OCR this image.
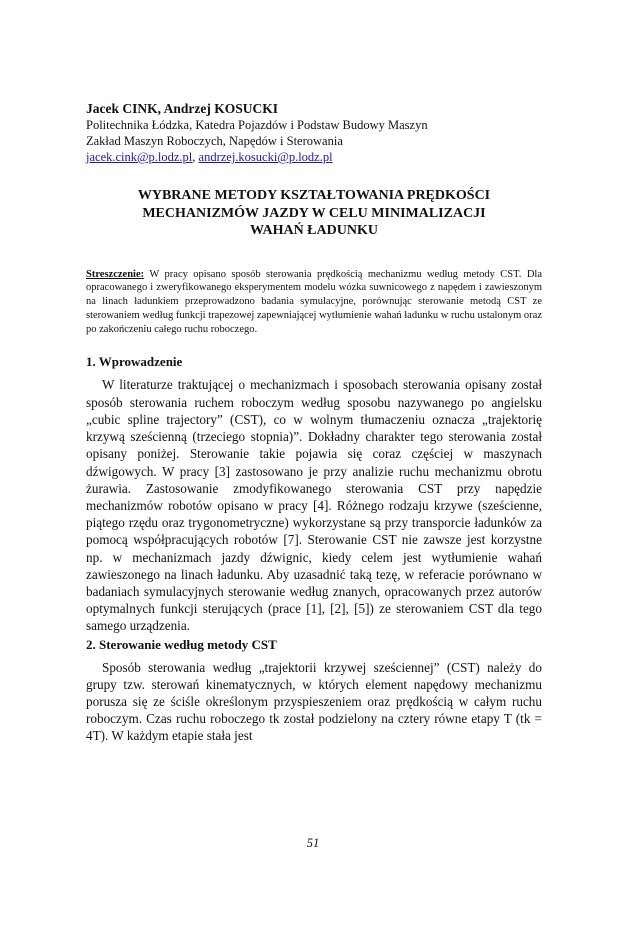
Jacek CINK, Andrzej KOSUCKI

Politechnika Łódzka, Katedra Pojazdów i Podstaw Budowy Maszyn

Zakład Maszyn Roboczych, Napędów i Sterowania

jacek.cink@p.lodz.pl, andrzej.kosucki@p.lodz.pl

WYBRANE METODY KSZTAŁTOWANIA PRĘDKOŚCI
MECHANIZMÓW JAZDY W CELU MINIMALIZACJI
WAHAŃ ŁADUNKU

Streszczenie: W pracy opisano sposób sterowania prędkością mechanizmu według metody CST. Dla opracowanego i zweryfikowanego eksperymentem modelu wózka suwnicowego z napędem i zawieszonym na linach ładunkiem przeprowadzono badania symulacyjne, porównując sterowanie metodą CST ze sterowaniem według funkcji trapezowej zapewniającej wytłumienie wahań ładunku w ruchu ustalonym oraz po zakończeniu całego ruchu roboczego.

1. Wprowadzenie

W literaturze traktującej o mechanizmach i sposobach sterowania opisany został sposób sterowania ruchem roboczym według sposobu nazywanego po angielsku „cubic spline trajectory” (CST), co w wolnym tłumaczeniu oznacza „trajektorię krzywą sześcienną (trzeciego stopnia)”. Dokładny charakter tego sterowania został opisany poniżej. Sterowanie takie pojawia się coraz częściej w maszynach dźwigowych. W pracy [3] zastosowano je przy analizie ruchu mechanizmu obrotu żurawia. Zastosowanie zmodyfikowanego sterowania CST przy napędzie mechanizmów robotów opisano w pracy [4]. Różnego rodzaju krzywe (sześcienne, piątego rzędu oraz trygonometryczne) wykorzystane są przy transporcie ładunków za pomocą współpracujących robotów [7]. Sterowanie CST nie zawsze jest korzystne np. w mechanizmach jazdy dźwignic, kiedy celem jest wytłumienie wahań zawieszonego na linach ładunku. Aby uzasadnić taką tezę, w referacie porównano w badaniach symulacyjnych sterowanie według znanych, opracowanych przez autorów optymalnych funkcji sterujących (prace [1], [2], [5]) ze sterowaniem CST dla tego samego urządzenia.

2. Sterowanie według metody CST

Sposób sterowania według „trajektorii krzywej sześciennej” (CST) należy do grupy tzw. sterowań kinematycznych, w których element napędowy mechanizmu porusza się ze ściśle określonym przyspieszeniem oraz prędkością w całym ruchu roboczym. Czas ruchu roboczego tk został podzielony na cztery równe etapy T (tk = 4T). W każdym etapie stała jest

51
